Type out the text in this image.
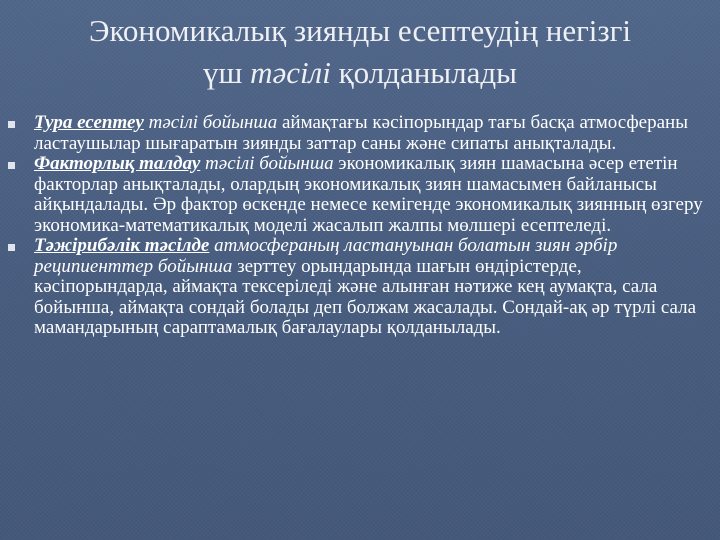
Экономикалық зиянды есептеудің негізгі
үш тәсілі қолданылады
Тура есептеу тәсілі бойынша аймақтағы кәсіпорындар тағы басқа атмосфераны ластаушылар шығаратын зиянды заттар саны және сипаты анықталады.
Факторлық талдау тәсілі бойынша экономикалық зиян шамасына әсер ететін факторлар анықталады, олардың экономикалық зиян шамасымен байланысы айқындалады. Әр фактор өскенде немесе кемігенде экономикалық зиянның өзгеру экономика-математикалық моделі жасалып жалпы мөлшері есептеледі.
Тәжірибәлік тәсілде атмосфераның ластануынан болатын зиян әрбір реципиенттер бойынша зерттеу орындарында шағын өндірістерде, кәсіпорындарда, аймақта тексеріледі және алынған нәтиже кең аумақта, сала бойынша, аймақта сондай болады деп болжам жасалады. Сондай-ақ әр түрлі сала мамандарының сараптамалық бағалаулары қолданылады.
